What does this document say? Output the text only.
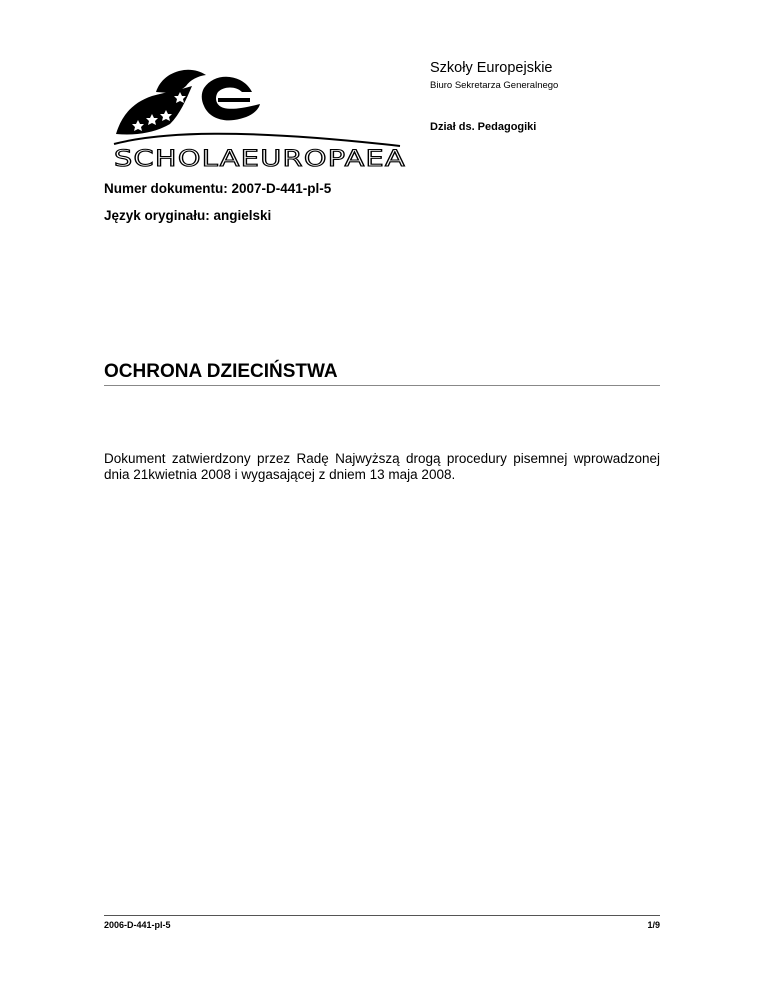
SCHOLAEUROPAEA
Szkoły Europejskie
Biuro Sekretarza Generalnego
Dział ds. Pedagogiki
Numer dokumentu: 2007-D-441-pl-5
Język oryginału: angielski
OCHRONA DZIECIŃSTWA
Dokument zatwierdzony przez Radę Najwyższą drogą procedury pisemnej wprowadzonej dnia 21kwietnia 2008 i wygasającej z dniem 13 maja 2008.
2006-D-441-pl-5	1/9
